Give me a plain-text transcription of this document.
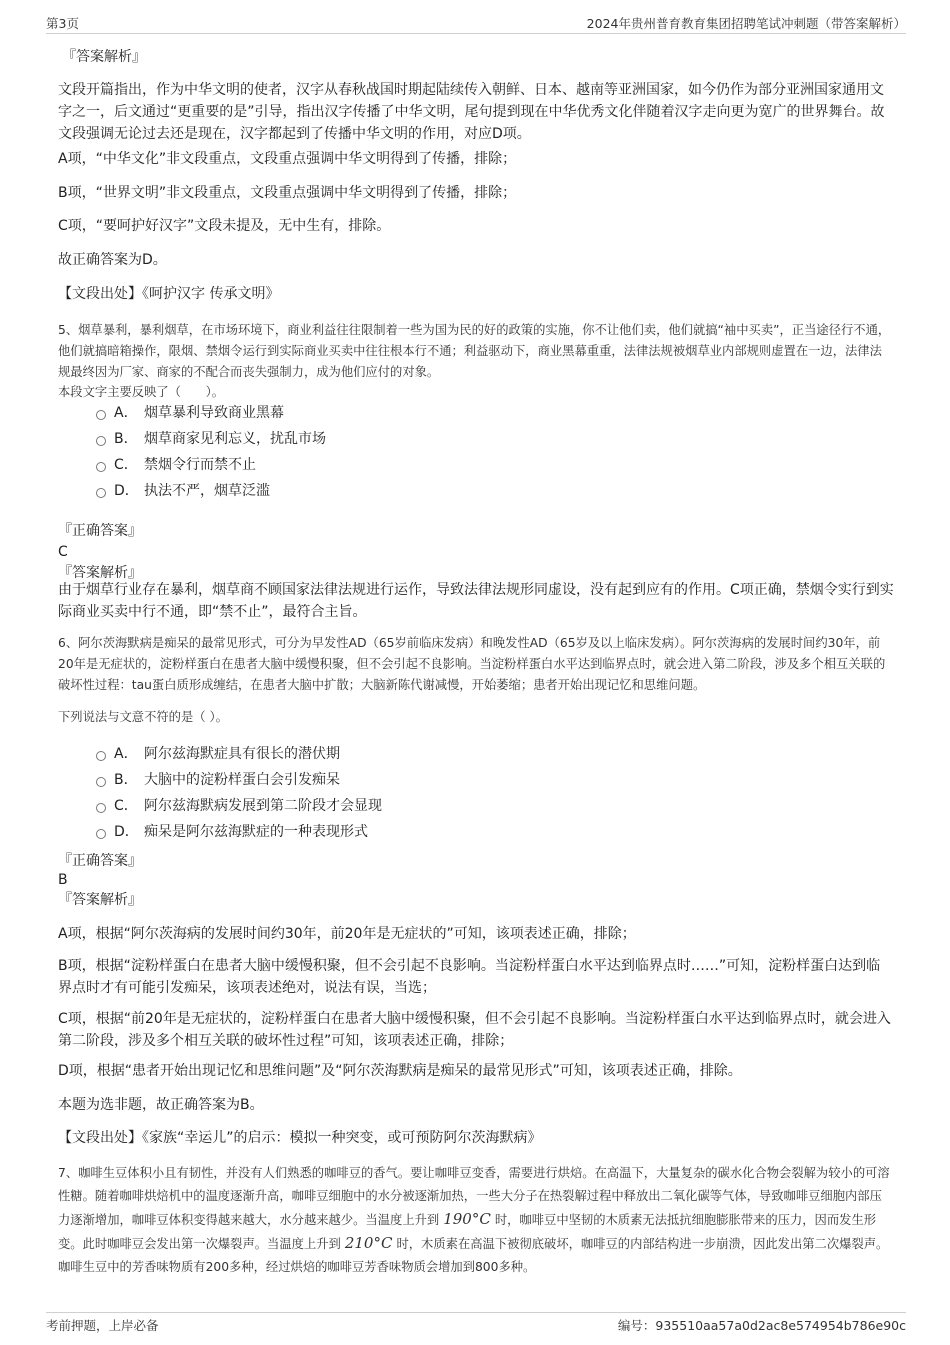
第3页	2024年贵州普育教育集团招聘笔试冲刺题（带答案解析）
『答案解析』
文段开篇指出，作为中华文明的使者，汉字从春秋战国时期起陆续传入朝鲜、日本、越南等亚洲国家，如今仍作为部分亚洲国家通用文字之一，后文通过“更重要的是”引导，指出汉字传播了中华文明，尾句提到现在中华优秀文化伴随着汉字走向更为宽广的世界舞台。故文段强调无论过去还是现在，汉字都起到了传播中华文明的作用，对应D项。
A项，“中华文化”非文段重点，文段重点强调中华文明得到了传播，排除；
B项，“世界文明”非文段重点，文段重点强调中华文明得到了传播，排除；
C项，“要呵护好汉字”文段未提及，无中生有，排除。
故正确答案为D。
【文段出处】《呵护汉字 传承文明》
5、烟草暴利，暴利烟草，在市场环境下，商业利益往往限制着一些为国为民的好的政策的实施，你不让他们卖，他们就搞“袖中买卖”，正当途径行不通，他们就搞暗箱操作，限烟、禁烟令运行到实际商业买卖中往往根本行不通；利益驱动下，商业黑幕重重，法律法规被烟草业内部规则虚置在一边，法律法规最终因为厂家、商家的不配合而丧失强制力，成为他们应付的对象。
本段文字主要反映了（　　）。
A． 烟草暴利导致商业黑幕
B． 烟草商家见利忘义，扰乱市场
C． 禁烟令行而禁不止
D． 执法不严，烟草泛滥
『正确答案』
C
『答案解析』
由于烟草行业存在暴利，烟草商不顾国家法律法规进行运作，导致法律法规形同虚设，没有起到应有的作用。C项正确，禁烟令实行到实际商业买卖中行不通，即“禁不止”，最符合主旨。
6、阿尔茨海默病是痴呆的最常见形式，可分为早发性AD（65岁前临床发病）和晚发性AD（65岁及以上临床发病）。阿尔茨海病的发展时间约30年，前20年是无症状的，淀粉样蛋白在患者大脑中缓慢积聚，但不会引起不良影响。当淀粉样蛋白水平达到临界点时，就会进入第二阶段，涉及多个相互关联的破坏性过程：tau蛋白质形成缠结，在患者大脑中扩散；大脑新陈代谢减慢，开始萎缩；患者开始出现记忆和思维问题。
下列说法与文意不符的是（ ）。
A． 阿尔兹海默症具有很长的潜伏期
B． 大脑中的淀粉样蛋白会引发痴呆
C． 阿尔兹海默病发展到第二阶段才会显现
D． 痴呆是阿尔兹海默症的一种表现形式
『正确答案』
B
『答案解析』
A项，根据“阿尔茨海病的发展时间约30年，前20年是无症状的”可知，该项表述正确，排除；
B项，根据“淀粉样蛋白在患者大脑中缓慢积聚，但不会引起不良影响。当淀粉样蛋白水平达到临界点时……”可知，淀粉样蛋白达到临界点时才有可能引发痴呆，该项表述绝对，说法有误，当选；
C项，根据“前20年是无症状的，淀粉样蛋白在患者大脑中缓慢积聚，但不会引起不良影响。当淀粉样蛋白水平达到临界点时，就会进入第二阶段，涉及多个相互关联的破坏性过程”可知，该项表述正确，排除；
D项，根据“患者开始出现记忆和思维问题”及“阿尔茨海默病是痴呆的最常见形式”可知，该项表述正确，排除。
本题为选非题，故正确答案为B。
【文段出处】《家族“幸运儿”的启示：模拟一种突变，或可预防阿尔茨海默病》
7、咖啡生豆体积小且有韧性，并没有人们熟悉的咖啡豆的香气。要让咖啡豆变香，需要进行烘焙。在高温下，大量复杂的碳水化合物会裂解为较小的可溶性糖。随着咖啡烘焙机中的温度逐渐升高，咖啡豆细胞中的水分被逐渐加热，一些大分子在热裂解过程中释放出二氧化碳等气体，导致咖啡豆细胞内部压力逐渐增加，咖啡豆体积变得越来越大，水分越来越少。当温度上升到 190°C 时，咖啡豆中坚韧的木质素无法抵抗细胞膨胀带来的压力，因而发生形变。此时咖啡豆会发出第一次爆裂声。当温度上升到 210°C 时，木质素在高温下被彻底破坏，咖啡豆的内部结构进一步崩溃，因此发出第二次爆裂声。咖啡生豆中的芳香味物质有200多种，经过烘焙的咖啡豆芳香味物质会增加到800多种。
考前押题，上岸必备	编号：935510aa57a0d2ac8e574954b786e90c
